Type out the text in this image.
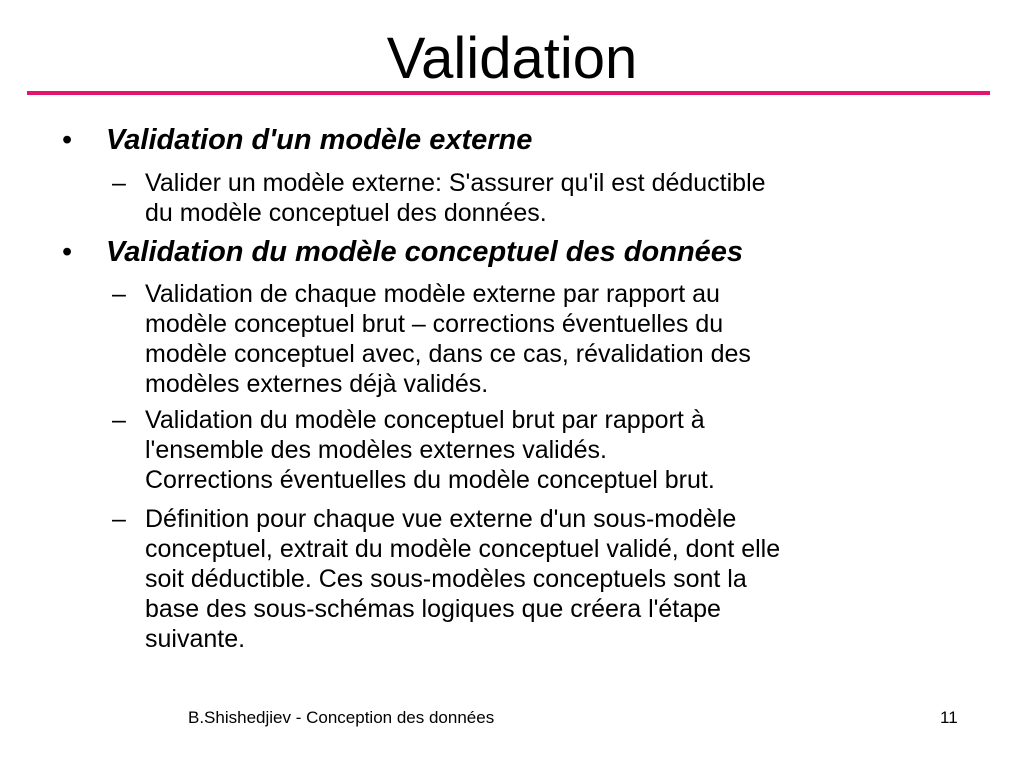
Validation
• Validation d'un modèle externe
– Valider un modèle externe: S'assurer qu'il est déductible
du modèle conceptuel des données.
• Validation du modèle conceptuel des données
– Validation de chaque modèle externe par rapport au
modèle conceptuel brut – corrections éventuelles du
modèle conceptuel avec, dans ce cas, révalidation des
modèles externes déjà validés.
– Validation du modèle conceptuel brut par rapport à
l'ensemble des modèles externes validés.
Corrections éventuelles du modèle conceptuel brut.
– Définition pour chaque vue externe d'un sous-modèle
conceptuel, extrait du modèle conceptuel validé, dont elle
soit déductible. Ces sous-modèles conceptuels sont la
base des sous-schémas logiques que créera l'étape
suivante.
B.Shishedjiev - Conception des données	11
